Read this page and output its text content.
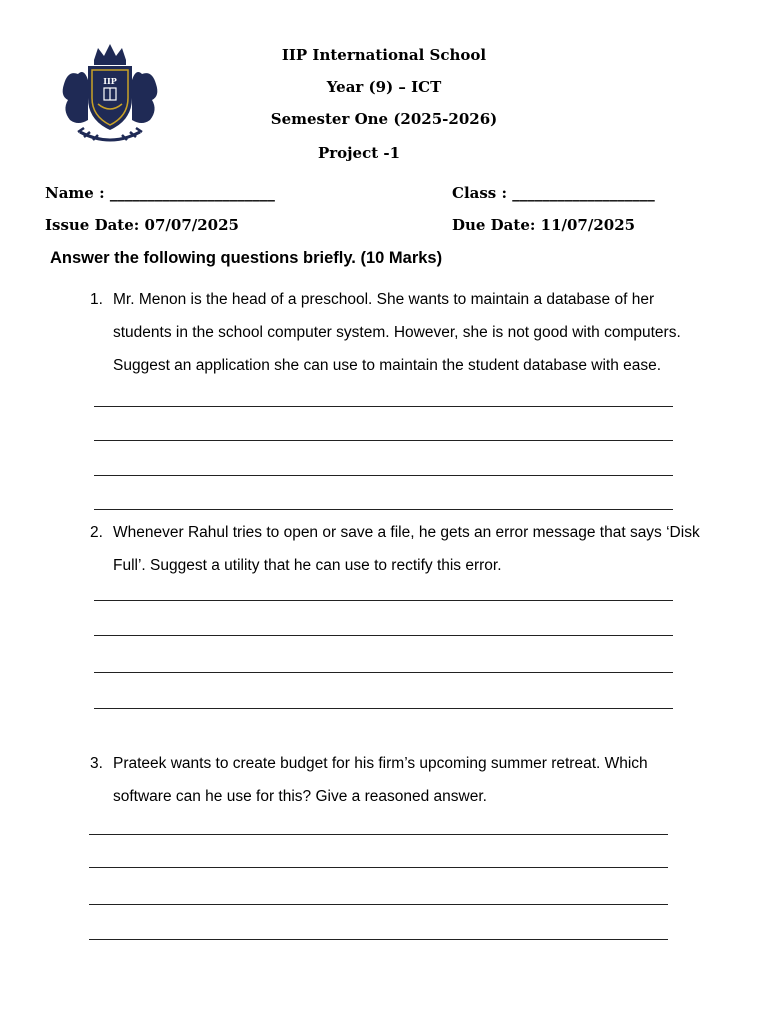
IIP
IIP International School
Year (9) – ICT
Semester One (2025-2026)
Project -1
Name : ______________________	Class : ___________________
Issue Date: 07/07/2025	Due Date: 11/07/2025
Answer the following questions briefly. (10 Marks)
1. Mr. Menon is the head of a preschool. She wants to maintain a database of her
students in the school computer system. However, she is not good with computers.
Suggest an application she can use to maintain the student database with ease.
2. Whenever Rahul tries to open or save a file, he gets an error message that says ‘Disk
Full’. Suggest a utility that he can use to rectify this error.
3. Prateek wants to create budget for his firm’s upcoming summer retreat. Which
software can he use for this? Give a reasoned answer.
